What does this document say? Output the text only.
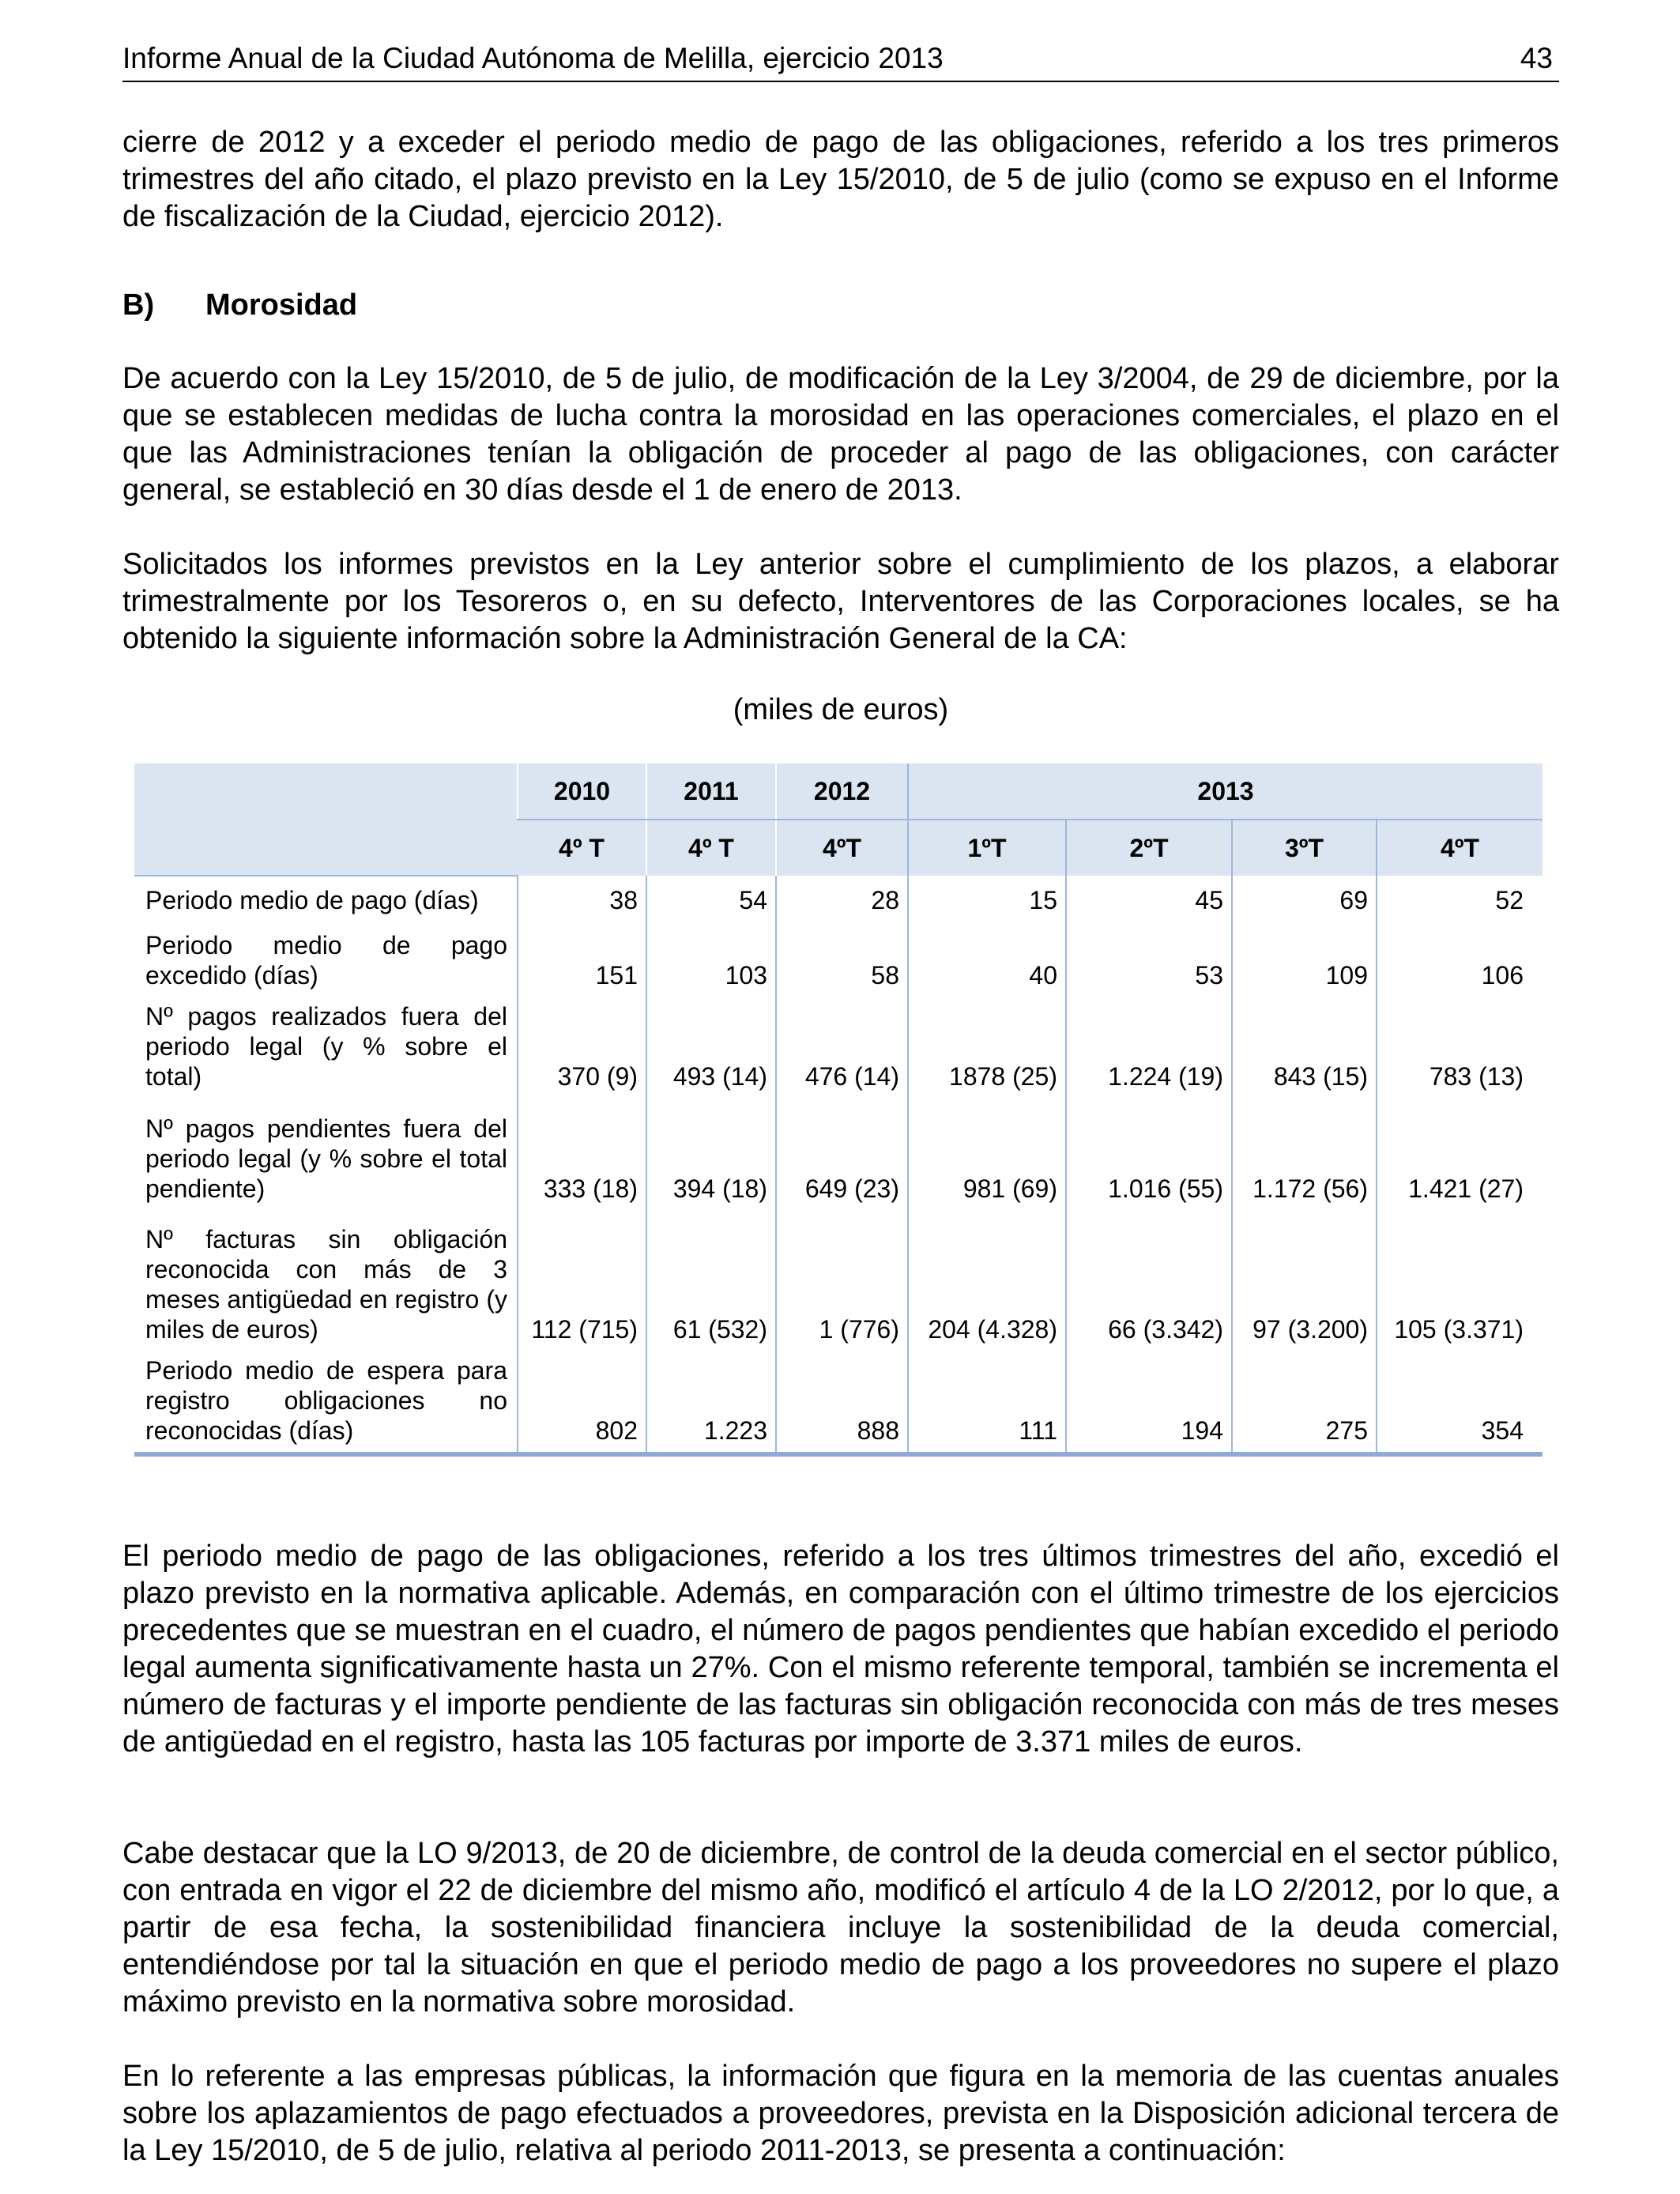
Informe Anual de la Ciudad Autónoma de Melilla, ejercicio 2013	43
cierre de 2012 y a exceder el periodo medio de pago de las obligaciones, referido a los tres primeros trimestres del año citado, el plazo previsto en la Ley 15/2010, de 5 de julio (como se expuso en el Informe de fiscalización de la Ciudad, ejercicio 2012).
B) Morosidad
De acuerdo con la Ley 15/2010, de 5 de julio, de modificación de la Ley 3/2004, de 29 de diciembre, por la que se establecen medidas de lucha contra la morosidad en las operaciones comerciales, el plazo en el que las Administraciones tenían la obligación de proceder al pago de las obligaciones, con carácter general, se estableció en 30 días desde el 1 de enero de 2013.
Solicitados los informes previstos en la Ley anterior sobre el cumplimiento de los plazos, a elaborar trimestralmente por los Tesoreros o, en su defecto, Interventores de las Corporaciones locales, se ha obtenido la siguiente información sobre la Administración General de la CA:
(miles de euros)
	2010	2011	2012	2013			
	4º T	4º T	4ºT	1ºT	2ºT	3ºT	4ºT
Periodo medio de pago (días)	38	54	28	15	45	69	52
Periodo medio de pago excedido (días)	151	103	58	40	53	109	106
Nº pagos realizados fuera del periodo legal (y % sobre el total)	370 (9)	493 (14)	476 (14)	1878 (25)	1.224 (19)	843 (15)	783 (13)
Nº pagos pendientes fuera del periodo legal (y % sobre el total pendiente)	333 (18)	394 (18)	649 (23)	981 (69)	1.016 (55)	1.172 (56)	1.421 (27)
Nº facturas sin obligación reconocida con más de 3 meses antigüedad en registro (y miles de euros)	112 (715)	61 (532)	1 (776)	204 (4.328)	66 (3.342)	97 (3.200)	105 (3.371)
Periodo medio de espera para registro obligaciones no reconocidas (días)	802	1.223	888	111	194	275	354
El periodo medio de pago de las obligaciones, referido a los tres últimos trimestres del año, excedió el plazo previsto en la normativa aplicable. Además, en comparación con el último trimestre de los ejercicios precedentes que se muestran en el cuadro, el número de pagos pendientes que habían excedido el periodo legal aumenta significativamente hasta un 27%. Con el mismo referente temporal, también se incrementa el número de facturas y el importe pendiente de las facturas sin obligación reconocida con más de tres meses de antigüedad en el registro, hasta las 105 facturas por importe de 3.371 miles de euros.
Cabe destacar que la LO 9/2013, de 20 de diciembre, de control de la deuda comercial en el sector público, con entrada en vigor el 22 de diciembre del mismo año, modificó el artículo 4 de la LO 2/2012, por lo que, a partir de esa fecha, la sostenibilidad financiera incluye la sostenibilidad de la deuda comercial, entendiéndose por tal la situación en que el periodo medio de pago a los proveedores no supere el plazo máximo previsto en la normativa sobre morosidad.
En lo referente a las empresas públicas, la información que figura en la memoria de las cuentas anuales sobre los aplazamientos de pago efectuados a proveedores, prevista en la Disposición adicional tercera de la Ley 15/2010, de 5 de julio, relativa al periodo 2011-2013, se presenta a continuación:
